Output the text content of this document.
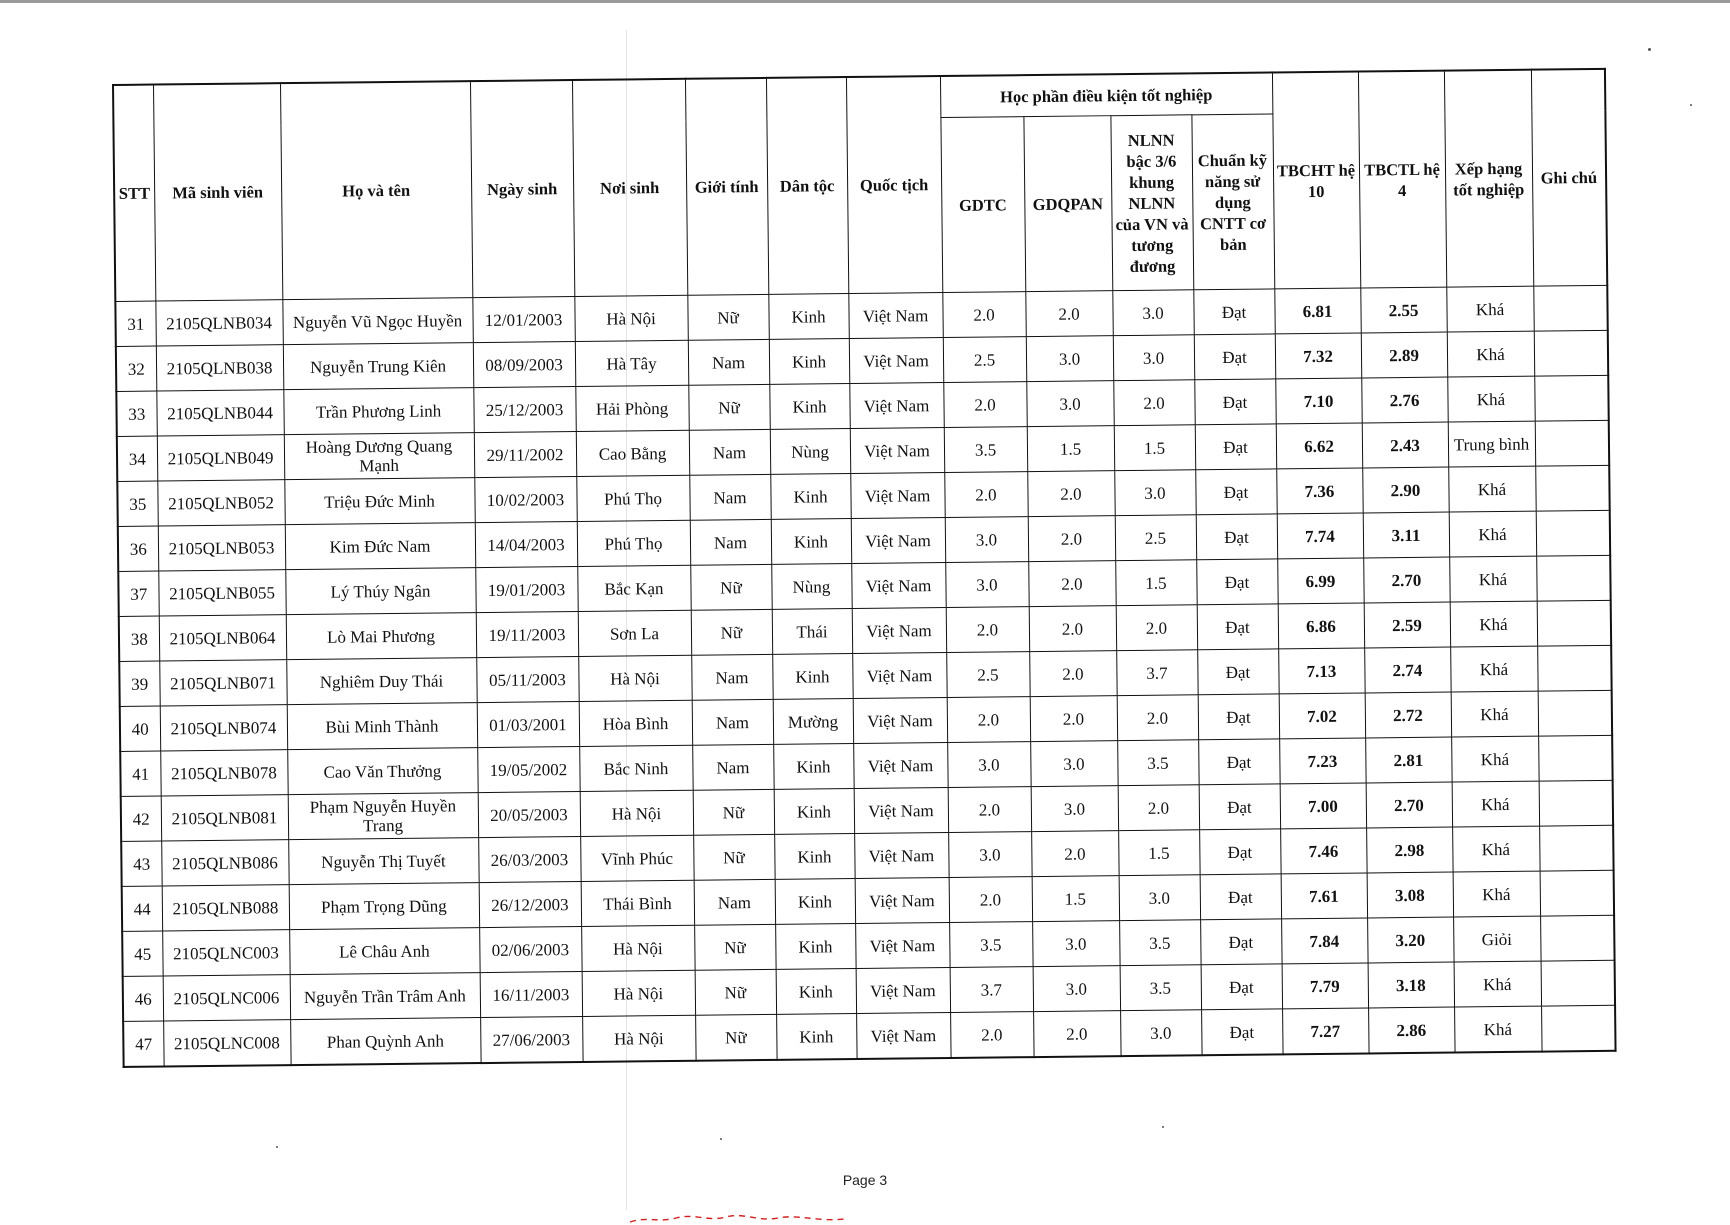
STT	Mã sinh viên	Họ và tên	Ngày sinh	Nơi sinh	Giới tính	Dân tộc	Quốc tịch	Học phần điều kiện tốt nghiệp				TBCHT hệ 10	TBCTL hệ 4	Xếp hạng tốt nghiệp	Ghi chú
								GDTC	GDQPAN	NLNN bậc 3/6 khung NLNN của VN và tương đương	Chuẩn kỹ năng sử dụng CNTT cơ bản				
31	2105QLNB034	Nguyễn Vũ Ngọc Huyền	12/01/2003	Hà Nội	Nữ	Kinh	Việt Nam	2.0	2.0	3.0	Đạt	6.81	2.55	Khá	
32	2105QLNB038	Nguyễn Trung Kiên	08/09/2003	Hà Tây	Nam	Kinh	Việt Nam	2.5	3.0	3.0	Đạt	7.32	2.89	Khá	
33	2105QLNB044	Trần Phương Linh	25/12/2003	Hải Phòng	Nữ	Kinh	Việt Nam	2.0	3.0	2.0	Đạt	7.10	2.76	Khá	
34	2105QLNB049	Hoàng Dương Quang Mạnh	29/11/2002	Cao Bằng	Nam	Nùng	Việt Nam	3.5	1.5	1.5	Đạt	6.62	2.43	Trung bình	
35	2105QLNB052	Triệu Đức Minh	10/02/2003	Phú Thọ	Nam	Kinh	Việt Nam	2.0	2.0	3.0	Đạt	7.36	2.90	Khá	
36	2105QLNB053	Kim Đức Nam	14/04/2003	Phú Thọ	Nam	Kinh	Việt Nam	3.0	2.0	2.5	Đạt	7.74	3.11	Khá	
37	2105QLNB055	Lý Thúy Ngân	19/01/2003	Bắc Kạn	Nữ	Nùng	Việt Nam	3.0	2.0	1.5	Đạt	6.99	2.70	Khá	
38	2105QLNB064	Lò Mai Phương	19/11/2003	Sơn La	Nữ	Thái	Việt Nam	2.0	2.0	2.0	Đạt	6.86	2.59	Khá	
39	2105QLNB071	Nghiêm Duy Thái	05/11/2003	Hà Nội	Nam	Kinh	Việt Nam	2.5	2.0	3.7	Đạt	7.13	2.74	Khá	
40	2105QLNB074	Bùi Minh Thành	01/03/2001	Hòa Bình	Nam	Mường	Việt Nam	2.0	2.0	2.0	Đạt	7.02	2.72	Khá	
41	2105QLNB078	Cao Văn Thưởng	19/05/2002	Bắc Ninh	Nam	Kinh	Việt Nam	3.0	3.0	3.5	Đạt	7.23	2.81	Khá	
42	2105QLNB081	Phạm Nguyễn Huyền Trang	20/05/2003	Hà Nội	Nữ	Kinh	Việt Nam	2.0	3.0	2.0	Đạt	7.00	2.70	Khá	
43	2105QLNB086	Nguyễn Thị Tuyết	26/03/2003	Vĩnh Phúc	Nữ	Kinh	Việt Nam	3.0	2.0	1.5	Đạt	7.46	2.98	Khá	
44	2105QLNB088	Phạm Trọng Dũng	26/12/2003	Thái Bình	Nam	Kinh	Việt Nam	2.0	1.5	3.0	Đạt	7.61	3.08	Khá	
45	2105QLNC003	Lê Châu Anh	02/06/2003	Hà Nội	Nữ	Kinh	Việt Nam	3.5	3.0	3.5	Đạt	7.84	3.20	Giỏi	
46	2105QLNC006	Nguyễn Trần Trâm Anh	16/11/2003	Hà Nội	Nữ	Kinh	Việt Nam	3.7	3.0	3.5	Đạt	7.79	3.18	Khá	
47	2105QLNC008	Phan Quỳnh Anh	27/06/2003	Hà Nội	Nữ	Kinh	Việt Nam	2.0	2.0	3.0	Đạt	7.27	2.86	Khá	
Page 3
